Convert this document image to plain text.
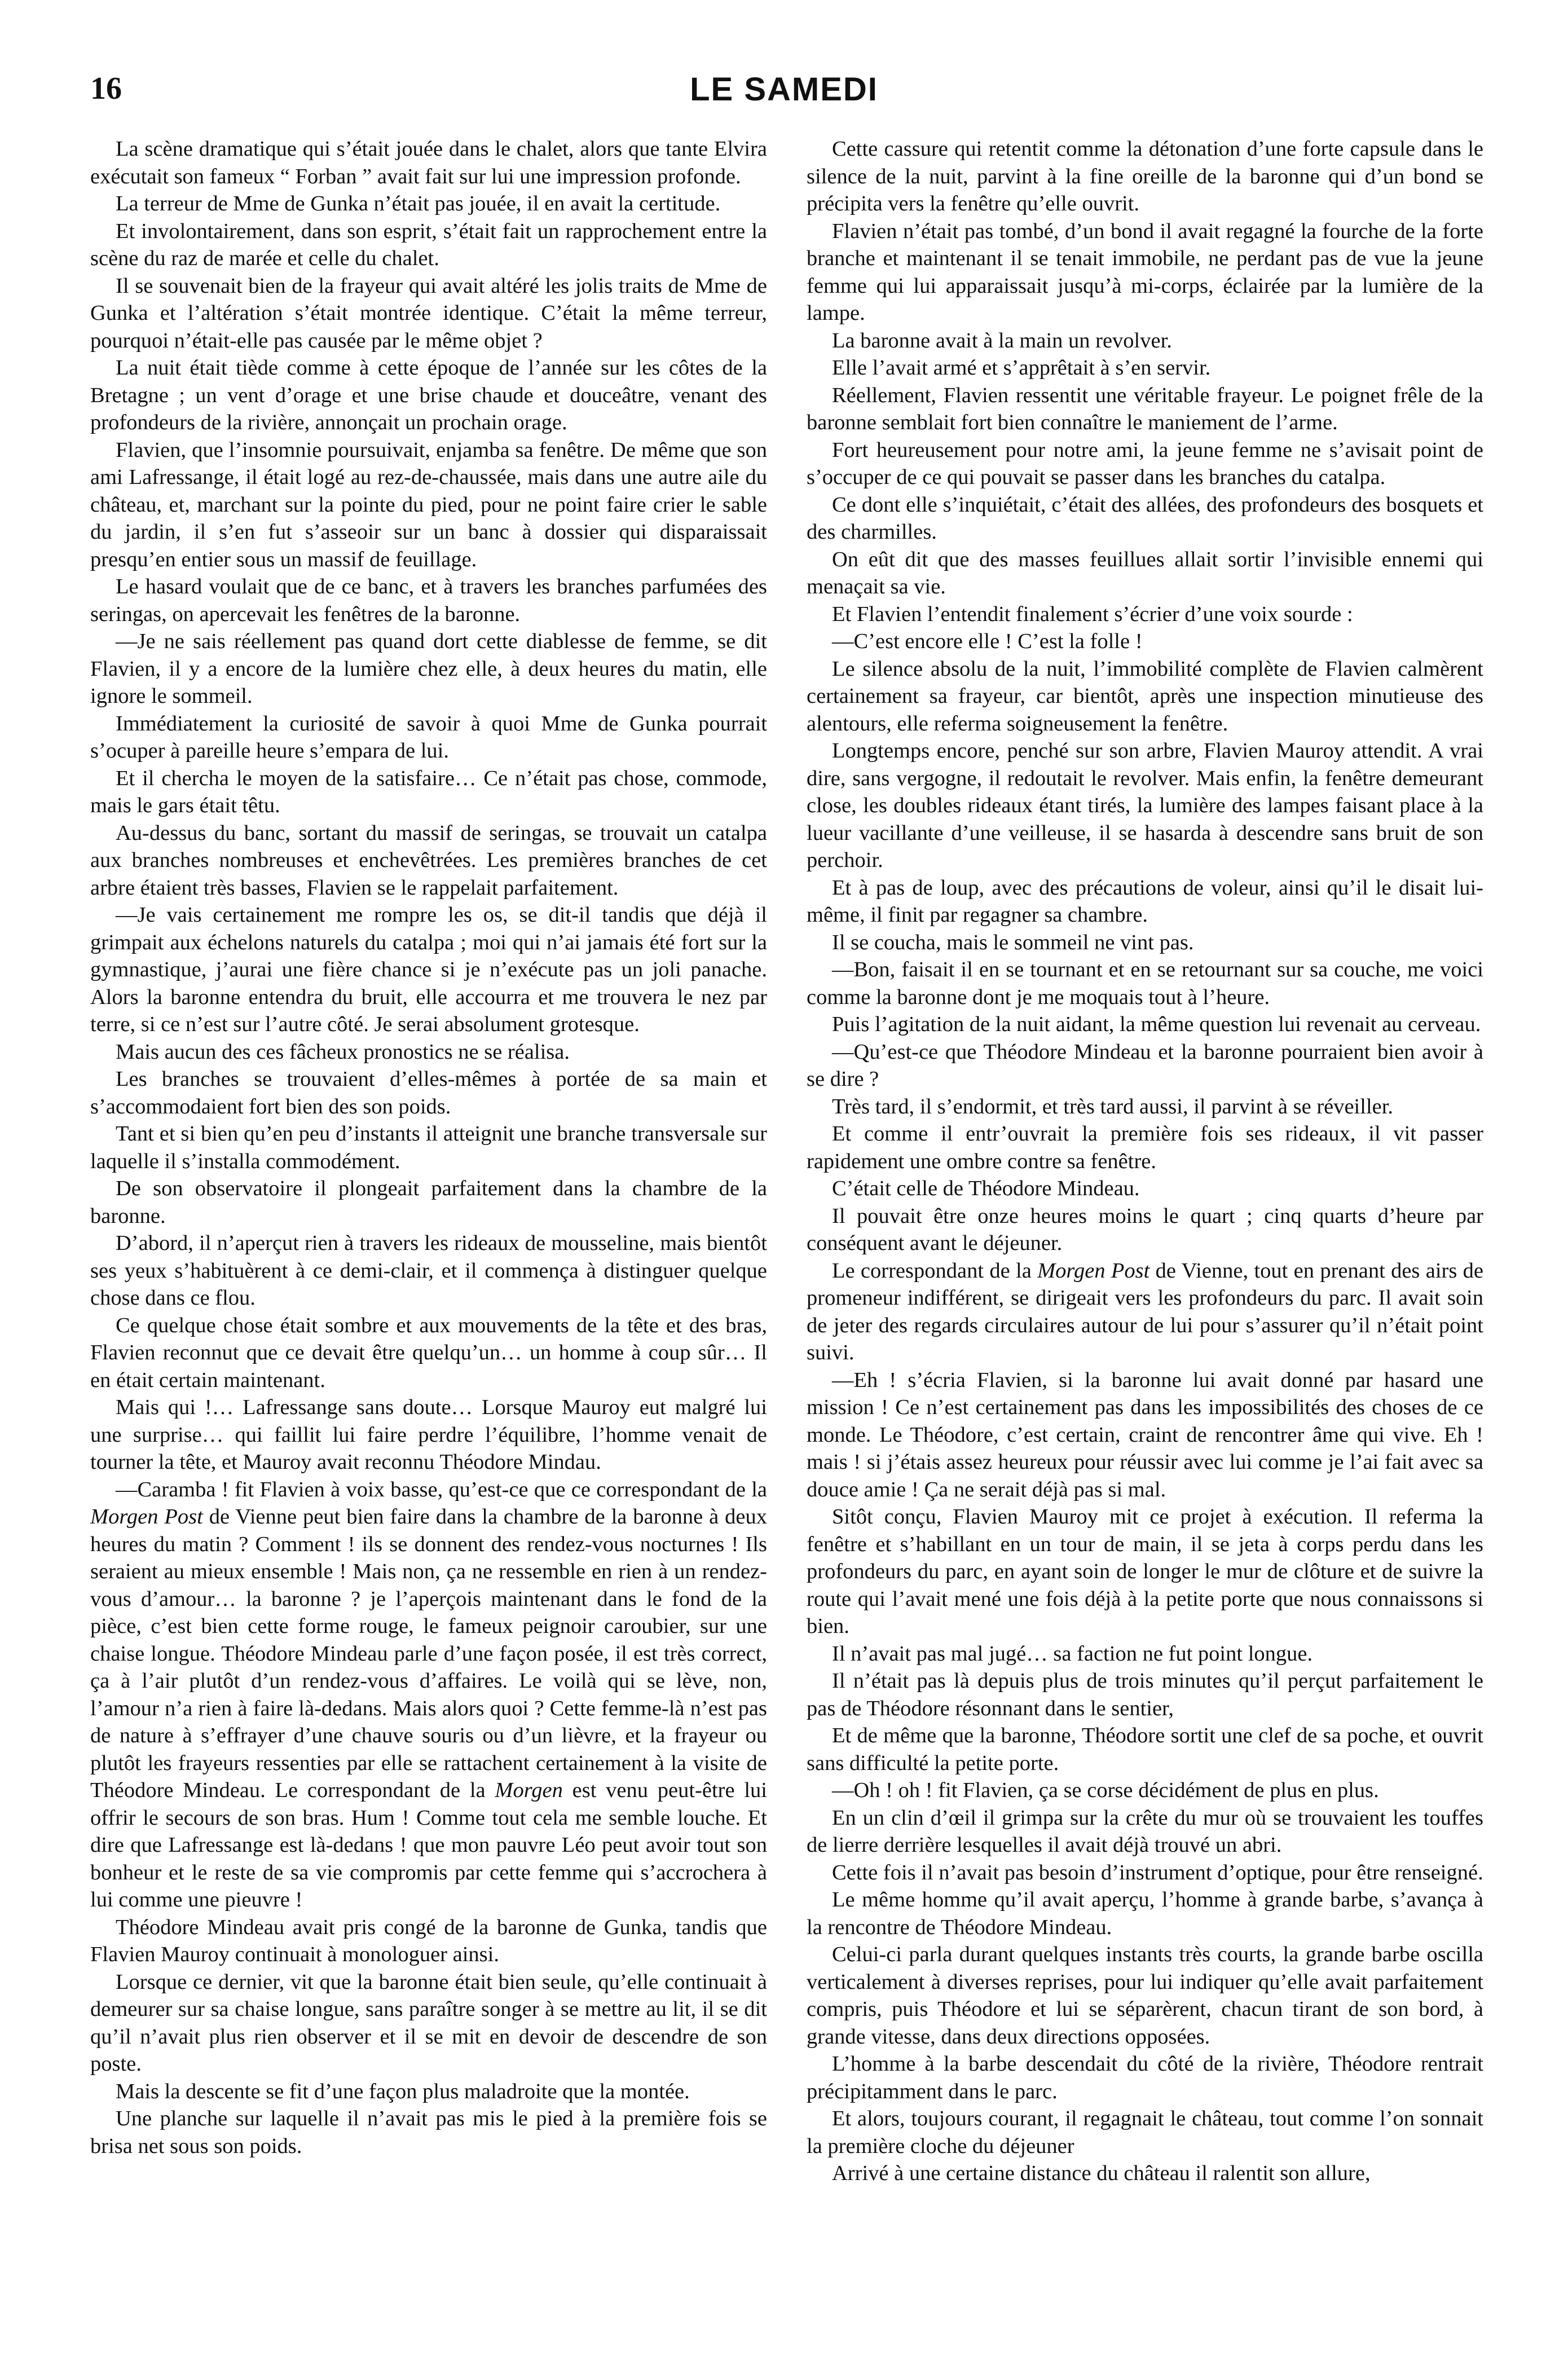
16	LE SAMEDI

La scène dramatique qui s’était jouée dans le chalet, alors que tante Elvira exécutait son fameux “ Forban ” avait fait sur lui une impression profonde.

La terreur de Mme de Gunka n’était pas jouée, il en avait la certitude.

Et involontairement, dans son esprit, s’était fait un rapprochement entre la scène du raz de marée et celle du chalet.

Il se souvenait bien de la frayeur qui avait altéré les jolis traits de Mme de Gunka et l’altération s’était montrée identique. C’était la même terreur, pourquoi n’était-elle pas causée par le même objet ?

La nuit était tiède comme à cette époque de l’année sur les côtes de la Bretagne ; un vent d’orage et une brise chaude et douceâtre, venant des profondeurs de la rivière, annonçait un prochain orage.

Flavien, que l’insomnie poursuivait, enjamba sa fenêtre. De même que son ami Lafressange, il était logé au rez-de-chaussée, mais dans une autre aile du château, et, marchant sur la pointe du pied, pour ne point faire crier le sable du jardin, il s’en fut s’asseoir sur un banc à dossier qui disparaissait presqu’en entier sous un massif de feuillage.

Le hasard voulait que de ce banc, et à travers les branches parfumées des seringas, on apercevait les fenêtres de la baronne.

—Je ne sais réellement pas quand dort cette diablesse de femme, se dit Flavien, il y a encore de la lumière chez elle, à deux heures du matin, elle ignore le sommeil.

Immédiatement la curiosité de savoir à quoi Mme de Gunka pourrait s’ocuper à pareille heure s’empara de lui.

Et il chercha le moyen de la satisfaire… Ce n’était pas chose, commode, mais le gars était têtu.

Au-dessus du banc, sortant du massif de seringas, se trouvait un catalpa aux branches nombreuses et enchevêtrées. Les premières branches de cet arbre étaient très basses, Flavien se le rappelait parfaitement.

—Je vais certainement me rompre les os, se dit-il tandis que déjà il grimpait aux échelons naturels du catalpa ; moi qui n’ai jamais été fort sur la gymnastique, j’aurai une fière chance si je n’exécute pas un joli panache. Alors la baronne entendra du bruit, elle accourra et me trouvera le nez par terre, si ce n’est sur l’autre côté. Je serai absolument grotesque.

Mais aucun des ces fâcheux pronostics ne se réalisa.

Les branches se trouvaient d’elles-mêmes à portée de sa main et s’accommodaient fort bien des son poids.

Tant et si bien qu’en peu d’instants il atteignit une branche transversale sur laquelle il s’installa commodément.

De son observatoire il plongeait parfaitement dans la chambre de la baronne.

D’abord, il n’aperçut rien à travers les rideaux de mousseline, mais bientôt ses yeux s’habituèrent à ce demi-clair, et il commença à distinguer quelque chose dans ce flou.

Ce quelque chose était sombre et aux mouvements de la tête et des bras, Flavien reconnut que ce devait être quelqu’un… un homme à coup sûr… Il en était certain maintenant.

Mais qui !… Lafressange sans doute… Lorsque Mauroy eut malgré lui une surprise… qui faillit lui faire perdre l’équilibre, l’homme venait de tourner la tête, et Mauroy avait reconnu Théodore Mindau.

—Caramba ! fit Flavien à voix basse, qu’est-ce que ce correspondant de la Morgen Post de Vienne peut bien faire dans la chambre de la baronne à deux heures du matin ? Comment ! ils se donnent des rendez-vous nocturnes ! Ils seraient au mieux ensemble ! Mais non, ça ne ressemble en rien à un rendez-vous d’amour… la baronne ? je l’aperçois maintenant dans le fond de la pièce, c’est bien cette forme rouge, le fameux peignoir caroubier, sur une chaise longue. Théodore Mindeau parle d’une façon posée, il est très correct, ça à l’air plutôt d’un rendez-vous d’affaires. Le voilà qui se lève, non, l’amour n’a rien à faire là-dedans. Mais alors quoi ? Cette femme-là n’est pas de nature à s’effrayer d’une chauve souris ou d’un lièvre, et la frayeur ou plutôt les frayeurs ressenties par elle se rattachent certainement à la visite de Théodore Mindeau. Le correspondant de la Morgen est venu peut-être lui offrir le secours de son bras. Hum ! Comme tout cela me semble louche. Et dire que Lafressange est là-dedans ! que mon pauvre Léo peut avoir tout son bonheur et le reste de sa vie compromis par cette femme qui s’accrochera à lui comme une pieuvre !

Théodore Mindeau avait pris congé de la baronne de Gunka, tandis que Flavien Mauroy continuait à monologuer ainsi.

Lorsque ce dernier, vit que la baronne était bien seule, qu’elle continuait à demeurer sur sa chaise longue, sans paraître songer à se mettre au lit, il se dit qu’il n’avait plus rien observer et il se mit en devoir de descendre de son poste.

Mais la descente se fit d’une façon plus maladroite que la montée.

Une planche sur laquelle il n’avait pas mis le pied à la première fois se brisa net sous son poids.

Cette cassure qui retentit comme la détonation d’une forte capsule dans le silence de la nuit, parvint à la fine oreille de la baronne qui d’un bond se précipita vers la fenêtre qu’elle ouvrit.

Flavien n’était pas tombé, d’un bond il avait regagné la fourche de la forte branche et maintenant il se tenait immobile, ne perdant pas de vue la jeune femme qui lui apparaissait jusqu’à mi-corps, éclairée par la lumière de la lampe.

La baronne avait à la main un revolver.

Elle l’avait armé et s’apprêtait à s’en servir.

Réellement, Flavien ressentit une véritable frayeur. Le poignet frêle de la baronne semblait fort bien connaître le maniement de l’arme.

Fort heureusement pour notre ami, la jeune femme ne s’avisait point de s’occuper de ce qui pouvait se passer dans les branches du catalpa.

Ce dont elle s’inquiétait, c’était des allées, des profondeurs des bosquets et des charmilles.

On eût dit que des masses feuillues allait sortir l’invisible ennemi qui menaçait sa vie.

Et Flavien l’entendit finalement s’écrier d’une voix sourde :

—C’est encore elle ! C’est la folle !

Le silence absolu de la nuit, l’immobilité complète de Flavien calmèrent certainement sa frayeur, car bientôt, après une inspection minutieuse des alentours, elle referma soigneusement la fenêtre.

Longtemps encore, penché sur son arbre, Flavien Mauroy attendit. A vrai dire, sans vergogne, il redoutait le revolver. Mais enfin, la fenêtre demeurant close, les doubles rideaux étant tirés, la lumière des lampes faisant place à la lueur vacillante d’une veilleuse, il se hasarda à descendre sans bruit de son perchoir.

Et à pas de loup, avec des précautions de voleur, ainsi qu’il le disait lui-même, il finit par regagner sa chambre.

Il se coucha, mais le sommeil ne vint pas.

—Bon, faisait il en se tournant et en se retournant sur sa couche, me voici comme la baronne dont je me moquais tout à l’heure.

Puis l’agitation de la nuit aidant, la même question lui revenait au cerveau.

—Qu’est-ce que Théodore Mindeau et la baronne pourraient bien avoir à se dire ?

Très tard, il s’endormit, et très tard aussi, il parvint à se réveiller.

Et comme il entr’ouvrait la première fois ses rideaux, il vit passer rapidement une ombre contre sa fenêtre.

C’était celle de Théodore Mindeau.

Il pouvait être onze heures moins le quart ; cinq quarts d’heure par conséquent avant le déjeuner.

Le correspondant de la Morgen Post de Vienne, tout en prenant des airs de promeneur indifférent, se dirigeait vers les profondeurs du parc. Il avait soin de jeter des regards circulaires autour de lui pour s’assurer qu’il n’était point suivi.

—Eh ! s’écria Flavien, si la baronne lui avait donné par hasard une mission ! Ce n’est certainement pas dans les impossibilités des choses de ce monde. Le Théodore, c’est certain, craint de rencontrer âme qui vive. Eh ! mais ! si j’étais assez heureux pour réussir avec lui comme je l’ai fait avec sa douce amie ! Ça ne serait déjà pas si mal.

Sitôt conçu, Flavien Mauroy mit ce projet à exécution. Il referma la fenêtre et s’habillant en un tour de main, il se jeta à corps perdu dans les profondeurs du parc, en ayant soin de longer le mur de clôture et de suivre la route qui l’avait mené une fois déjà à la petite porte que nous connaissons si bien.

Il n’avait pas mal jugé… sa faction ne fut point longue.

Il n’était pas là depuis plus de trois minutes qu’il perçut parfaitement le pas de Théodore résonnant dans le sentier,

Et de même que la baronne, Théodore sortit une clef de sa poche, et ouvrit sans difficulté la petite porte.

—Oh ! oh ! fit Flavien, ça se corse décidément de plus en plus.

En un clin d’œil il grimpa sur la crête du mur où se trouvaient les touffes de lierre derrière lesquelles il avait déjà trouvé un abri.

Cette fois il n’avait pas besoin d’instrument d’optique, pour être renseigné.

Le même homme qu’il avait aperçu, l’homme à grande barbe, s’avança à la rencontre de Théodore Mindeau.

Celui-ci parla durant quelques instants très courts, la grande barbe oscilla verticalement à diverses reprises, pour lui indiquer qu’elle avait parfaitement compris, puis Théodore et lui se séparèrent, chacun tirant de son bord, à grande vitesse, dans deux directions opposées.

L’homme à la barbe descendait du côté de la rivière, Théodore rentrait précipitamment dans le parc.

Et alors, toujours courant, il regagnait le château, tout comme l’on sonnait la première cloche du déjeuner

Arrivé à une certaine distance du château il ralentit son allure,
